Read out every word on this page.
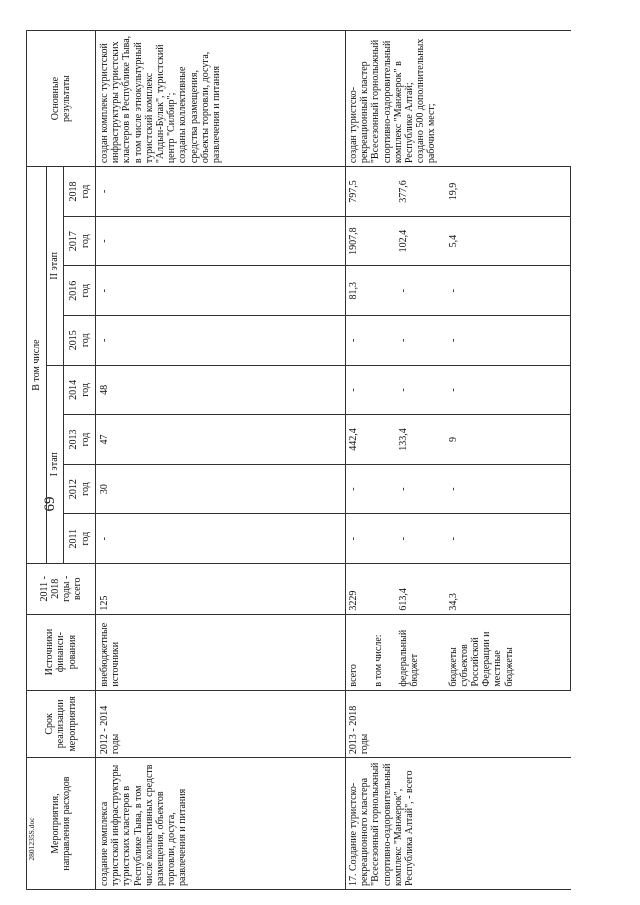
69
2801235S.doc Мероприятия,
направления расходов	Срок
реализации
мероприятия	Источники
финанси-
рования	2011 -
2018
годы -
всего	В том числе								Основные
результаты
				I этап				II этап				
				2011
год	2012
год	2013
год	2014
год	2015
год	2016
год	2017
год	2018
год	
создание комплекса туристской инфраструктуры туристских кластеров в Республике Тыва, в том числе коллективных средств размещения, объектов торговли, досуга, развлечения и питания	2012 - 2014 годы	внебюджетные источники	125	-	30	47	48	-	-	-	-	создан комплекс туристской инфраструктуры туристских кластеров в Республике Тыва, в том числе этнокультурный туристский комплекс "Алдын-Булак", туристский центр "Силбир";
созданы коллективные средства размещения, объекты торговли, досуга, развлечения и питания
17. Создание туристско-рекреационного кластера "Всесезонный горнолыжный спортивно-оздоровительный комплекс "Манжерок", Республика Алтай", - всего	2013 - 2018 годы	всего	3229	-	-	442,4	-	-	81,3	1907,8	797,5	создан туристско-рекреационный кластер "Всесезонный горнолыжный спортивно-оздоровительный комплекс "Манжерок" в Республике Алтай;
создано 500 дополнительных рабочих мест;
		в том числе:										
		федеральный бюджет	613,4	-	-	133,4	-	-	-	102,4	377,6	
		бюджеты субъектов Российской Федерации и местные бюджеты	34,3	-	-	9	-	-	-	5,4	19,9	
